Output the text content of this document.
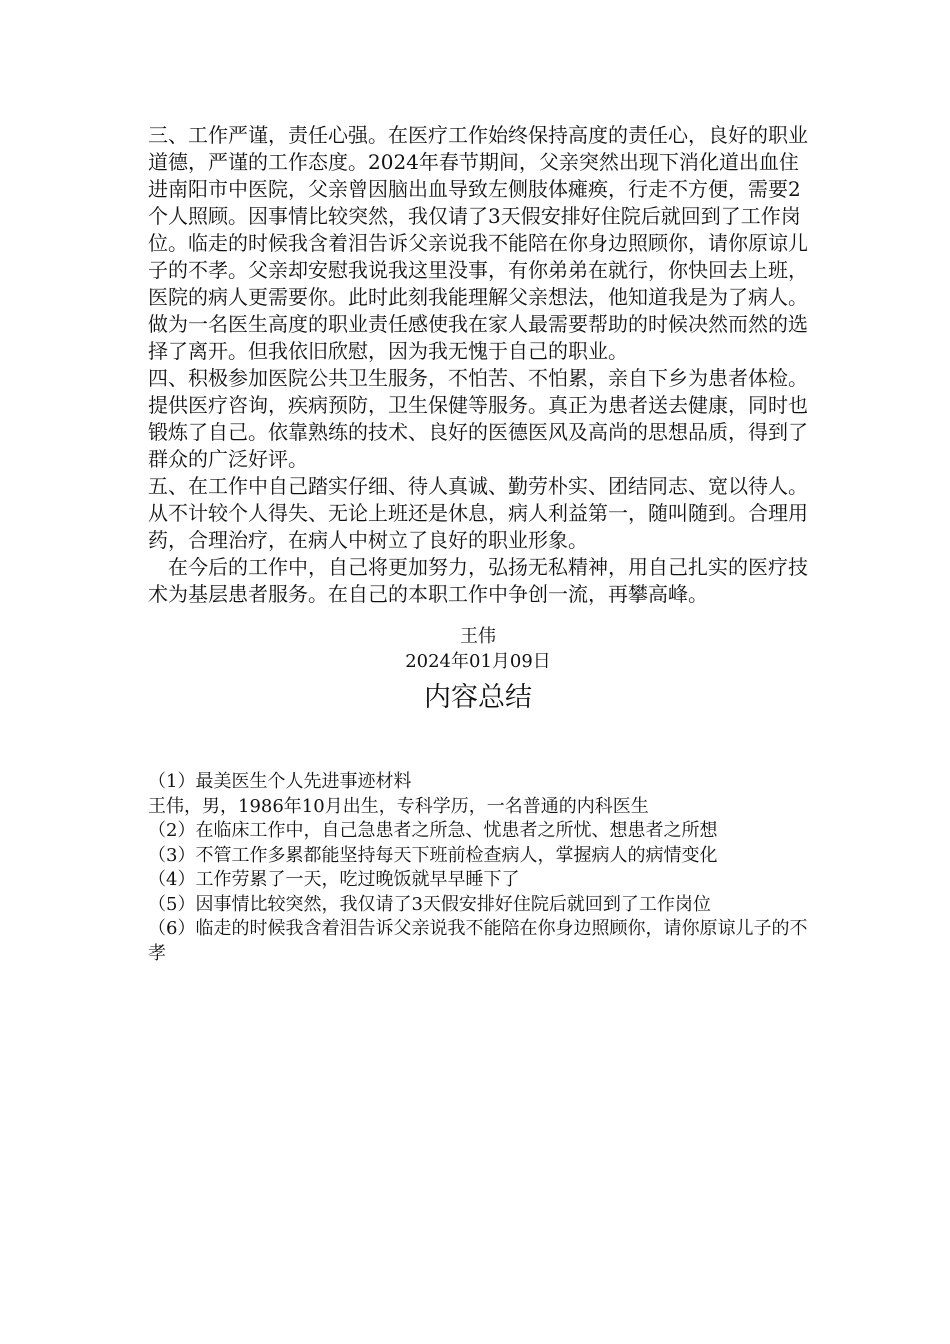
三、工作严谨，责任心强。在医疗工作始终保持高度的责任心，良好的职业道德，严谨的工作态度。2024年春节期间，父亲突然出现下消化道出血住进南阳市中医院，父亲曾因脑出血导致左侧肢体瘫痪，行走不方便，需要2个人照顾。因事情比较突然，我仅请了3天假安排好住院后就回到了工作岗位。临走的时候我含着泪告诉父亲说我不能陪在你身边照顾你，请你原谅儿子的不孝。父亲却安慰我说我这里没事，有你弟弟在就行，你快回去上班，医院的病人更需要你。此时此刻我能理解父亲想法，他知道我是为了病人。做为一名医生高度的职业责任感使我在家人最需要帮助的时候决然而然的选择了离开。但我依旧欣慰，因为我无愧于自己的职业。

四、积极参加医院公共卫生服务，不怕苦、不怕累，亲自下乡为患者体检。提供医疗咨询，疾病预防，卫生保健等服务。真正为患者送去健康，同时也锻炼了自己。依靠熟练的技术、良好的医德医风及高尚的思想品质，得到了群众的广泛好评。

五、在工作中自己踏实仔细、待人真诚、勤劳朴实、团结同志、宽以待人。从不计较个人得失、无论上班还是休息，病人利益第一，随叫随到。合理用药，合理治疗，在病人中树立了良好的职业形象。

　在今后的工作中，自己将更加努力，弘扬无私精神，用自己扎实的医疗技术为基层患者服务。在自己的本职工作中争创一流，再攀高峰。

王伟
2024年01月09日
内容总结

（1）最美医生个人先进事迹材料

王伟，男，1986年10月出生，专科学历，一名普通的内科医生

（2）在临床工作中，自己急患者之所急、忧患者之所忧、想患者之所想

（3）不管工作多累都能坚持每天下班前检查病人，掌握病人的病情变化

（4）工作劳累了一天，吃过晚饭就早早睡下了

（5）因事情比较突然，我仅请了3天假安排好住院后就回到了工作岗位

（6）临走的时候我含着泪告诉父亲说我不能陪在你身边照顾你，请你原谅儿子的不孝
